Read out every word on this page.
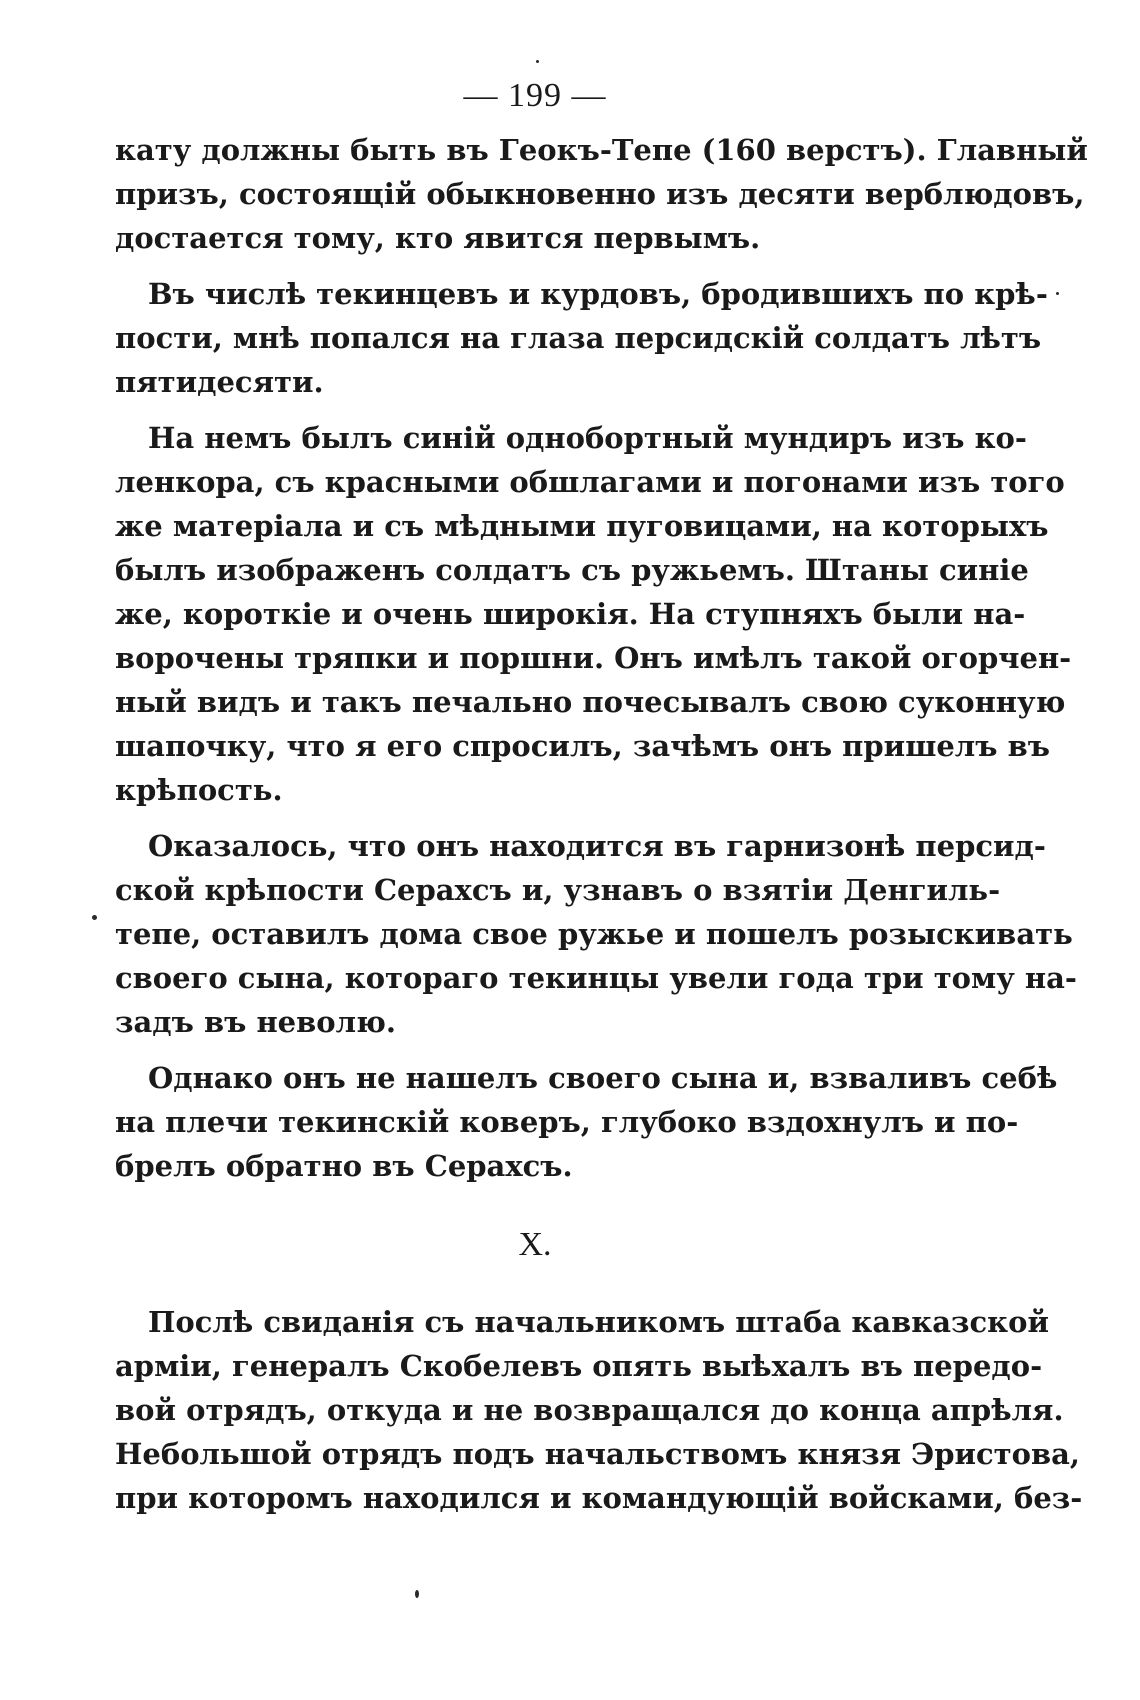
— 199 —
кату должны быть въ Геокъ-Тепе (160 верстъ). Главный
призъ, состоящій обыкновенно изъ десяти верблюдовъ,
достается тому, кто явится первымъ.
Въ числѣ текинцевъ и курдовъ, бродившихъ по крѣ-
пости, мнѣ попался на глаза персидскій солдатъ лѣтъ
пятидесяти.
На немъ былъ синій однобортный мундиръ изъ ко-
ленкора, съ красными обшлагами и погонами изъ того
же матеріала и съ мѣдными пуговицами, на которыхъ
былъ изображенъ солдатъ съ ружьемъ. Штаны синіе
же, короткіе и очень широкія. На ступняхъ были на-
ворочены тряпки и поршни. Онъ имѣлъ такой огорчен-
ный видъ и такъ печально почесывалъ свою суконную
шапочку, что я его спросилъ, зачѣмъ онъ пришелъ въ
крѣпость.
Оказалось, что онъ находится въ гарнизонѣ персид-
ской крѣпости Серахсъ и, узнавъ о взятіи Денгиль-
тепе, оставилъ дома свое ружье и пошелъ розыскивать
своего сына, котораго текинцы увели года три тому на-
задъ въ неволю.
Однако онъ не нашелъ своего сына и, взваливъ себѣ
на плечи текинскій коверъ, глубоко вздохнулъ и по-
брелъ обратно въ Серахсъ.
Х.
Послѣ свиданія съ начальникомъ штаба кавказской
арміи, генералъ Скобелевъ опять выѣхалъ въ передо-
вой отрядъ, откуда и не возвращался до конца апрѣля.
Небольшой отрядъ подъ начальствомъ князя Эристова,
при которомъ находился и командующій войсками, без-
